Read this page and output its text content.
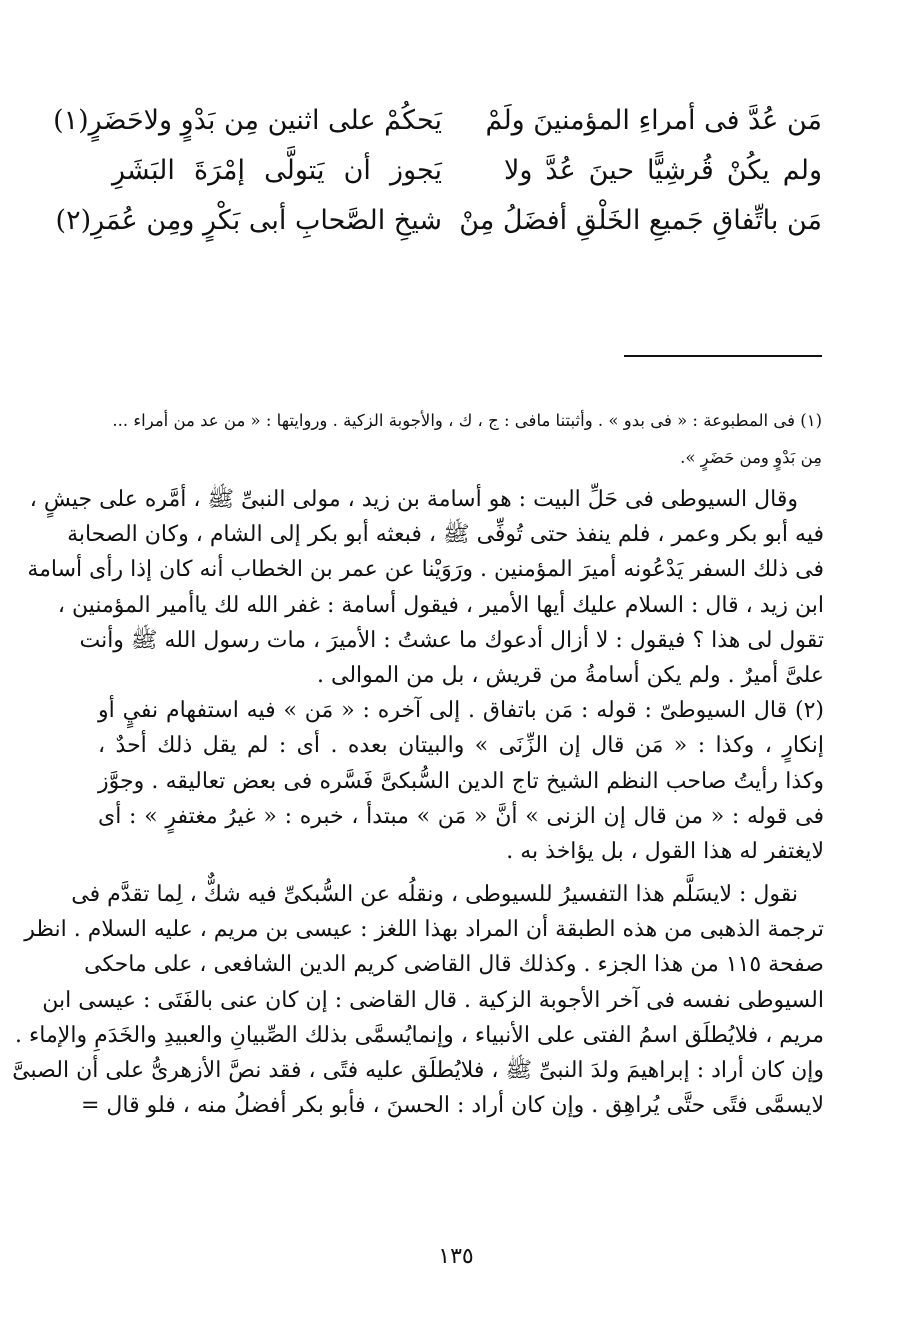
مَن عُدَّ فى أمراءِ المؤمنينَ ولَمْ
يَحكُمْ على اثنين مِن بَدْوٍ ولاحَضَرٍ(١)
ولم يكُنْ قُرشِيًّا حينَ عُدَّ ولا
يَجوز أن يَتولَّى إمْرَةَ البَشَرِ
مَن باتِّفاقِ جَميعِ الخَلْقِ أفضَلُ مِنْ
شيخِ الصَّحابِ أبى بَكْرٍ ومِن عُمَرِ(٢)
(١) فى المطبوعة : « فى بدو » . وأثبتنا مافى : ج ، ك ، والأجوبة الزكية . وروايتها : « من عد من أمراء ...
مِن بَدْوٍ ومن حَضَرٍ ».
وقال السيوطى فى حَلِّ البيت : هو أسامة بن زيد ، مولى النبىِّ ﷺ ، أمَّره على جيشٍ ،
فيه أبو بكر وعمر ، فلم ينفذ حتى تُوفِّى ﷺ ، فبعثه أبو بكر إلى الشام ، وكان الصحابة
فى ذلك السفر يَدْعُونه أميرَ المؤمنين . ورَوَيْنا عن عمر بن الخطاب أنه كان إذا رأى أسامة
ابن زيد ، قال : السلام عليك أيها الأمير ، فيقول أسامة : غفر الله لك ياأمير المؤمنين ،
تقول لى هذا ؟ فيقول : لا أزال أدعوك ما عشتُ : الأميرَ ، مات رسول الله ﷺ وأنت
علىَّ أميرٌ . ولم يكن أسامةُ من قريش ، بل من الموالى .
(٢) قال السيوطىّ : قوله : مَن باتفاق . إلى آخره : « مَن » فيه استفهام نفيٍ أو
إنكارٍ ، وكذا : « مَن قال إن الزِّنَى » والبيتان بعده . أى : لم يقل ذلك أحدٌ ،
وكذا رأيتُ صاحب النظم الشيخ تاج الدين السُّبكىَّ فَسَّره فى بعض تعاليقه . وجوَّز
فى قوله : « من قال إن الزنى » أنَّ « مَن » مبتدأ ، خبره : « غيرُ مغتفرٍ » : أى
لايغتفر له هذا القول ، بل يؤاخذ به .
نقول : لايسَلَّم هذا التفسيرُ للسيوطى ، ونقلُه عن السُّبكىِّ فيه شكٌّ ، لِما تقدَّم فى
ترجمة الذهبى من هذه الطبقة أن المراد بهذا اللغز : عيسى بن مريم ، عليه السلام . انظر
صفحة ١١٥ من هذا الجزء . وكذلك قال القاضى كريم الدين الشافعى ، على ماحكى
السيوطى نفسه فى آخر الأجوبة الزكية . قال القاضى : إن كان عنى بالفَتَى : عيسى ابن
مريم ، فلايُطلَق اسمُ الفتى على الأنبياء ، وإنمايُسمَّى بذلك الصِّبيانِ والعبيدِ والخَدَمِ والإماء .
وإن كان أراد : إبراهيمَ ولدَ النبىِّ ﷺ ، فلايُطلَق عليه فتًى ، فقد نصَّ الأزهرىُّ على أن الصبىَّ
لايسمَّى فتًى حتَّى يُراهِق . وإن كان أراد : الحسنَ ، فأبو بكر أفضلُ منه ، فلو قال =
١٣٥
